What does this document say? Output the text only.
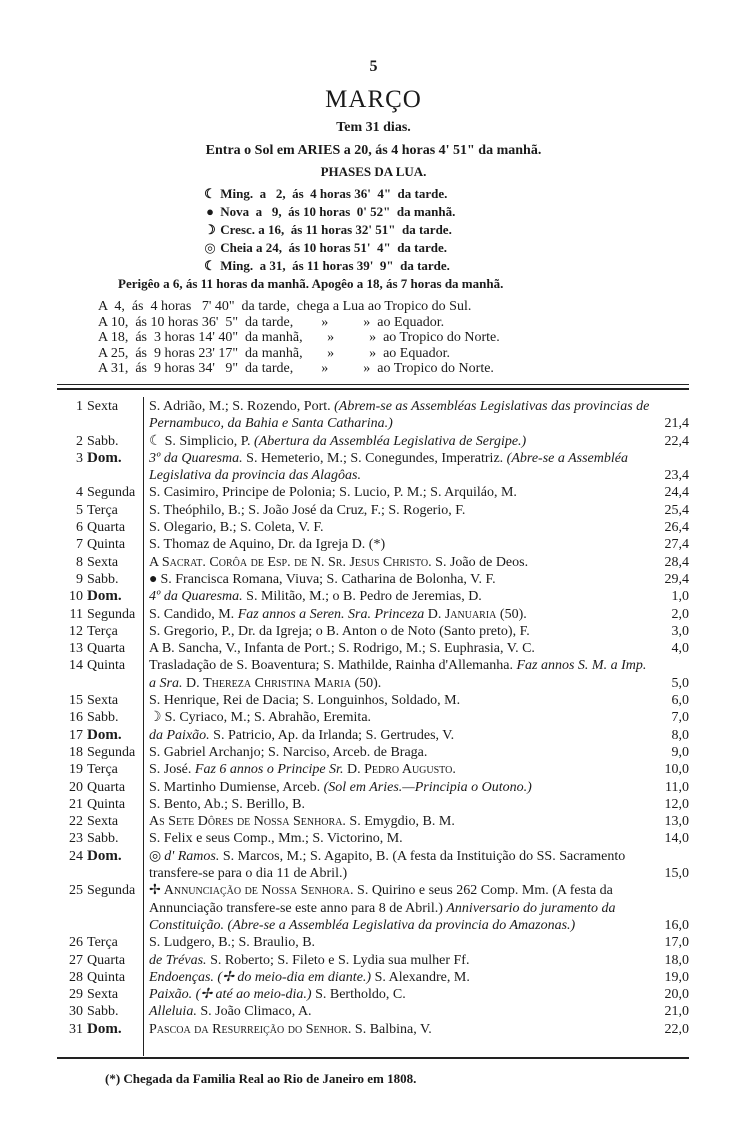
5
MARÇO
Tem 31 dias.
Entra o Sol em ARIES a 20, ás 4 horas 4' 51" da manhã.
PHASES DA LUA.
☾ Ming.  a   2,  ás  4 horas 36'  4"  da tarde.
● Nova  a   9,  ás 10 horas  0' 52"  da manhã.
☽ Cresc. a 16,  ás 11 horas 32' 51"  da tarde.
◎ Cheia a 24,  ás 10 horas 51'  4"  da tarde.
☾ Ming.  a 31,  ás 11 horas 39'  9"  da tarde.
Perigêo a 6, ás 11 horas da manhã. Apogêo a 18, ás 7 horas da manhã.
A  4,  ás  4 horas   7' 40"  da tarde,  chega a Lua ao Tropico do Sul.
A 10,  ás 10 horas 36'  5"  da tarde,        »          »  ao Equador.
A 18,  ás  3 horas 14' 40"  da manhã,       »          »  ao Tropico do Norte.
A 25,  ás  9 horas 23' 17"  da manhã,       »          »  ao Equador.
A 31,  ás  9 horas 34'   9"  da tarde,        »          »  ao Tropico do Norte.
1 Sexta	S. Adrião, M.; S. Rozendo, Port. (Abrem-se as Assembléas Legislativas das provincias de Pernambuco, da Bahia e Santa Catharina.)	21,4
2 Sabb.	☾ S. Simplicio, P. (Abertura da Assembléa Legislativa de Sergipe.)	22,4
3 Dom.	3º da Quaresma. S. Hemeterio, M.; S. Conegundes, Imperatriz. (Abre-se a Assembléa Legislativa da provincia das Alagôas.	23,4
4 Segunda	S. Casimiro, Principe de Polonia; S. Lucio, P. M.; S. Arquiláo, M.	24,4
5 Terça	S. Theóphilo, B.; S. João José da Cruz, F.; S. Rogerio, F.	25,4
6 Quarta	S. Olegario, B.; S. Coleta, V. F.	26,4
7 Quinta	S. Thomaz de Aquino, Dr. da Igreja D. (*)	27,4
8 Sexta	A Sacrat. Corôa de Esp. de N. Sr. Jesus Christo. S. João de Deos.	28,4
9 Sabb.	● S. Francisca Romana, Viuva; S. Catharina de Bolonha, V. F.	29,4
10 Dom.	4º da Quaresma. S. Militão, M.; o B. Pedro de Jeremias, D.	1,0
11 Segunda	S. Candido, M. Faz annos a Seren. Sra. Princeza D. Januaria (50).	2,0
12 Terça	S. Gregorio, P., Dr. da Igreja; o B. Anton o de Noto (Santo preto), F.	3,0
13 Quarta	A B. Sancha, V., Infanta de Port.; S. Rodrigo, M.; S. Euphrasia, V. C.	4,0
14 Quinta	Trasladação de S. Boaventura; S. Mathilde, Rainha d'Allemanha. Faz annos S. M. a Imp. a Sra. D. Thereza Christina Maria (50).	5,0
15 Sexta	S. Henrique, Rei de Dacia; S. Longuinhos, Soldado, M.	6,0
16 Sabb.	☽ S. Cyriaco, M.; S. Abrahão, Eremita.	7,0
17 Dom.	da Paixão. S. Patricio, Ap. da Irlanda; S. Gertrudes, V.	8,0
18 Segunda	S. Gabriel Archanjo; S. Narciso, Arceb. de Braga.	9,0
19 Terça	S. José. Faz 6 annos o Principe Sr. D. Pedro Augusto.	10,0
20 Quarta	S. Martinho Dumiense, Arceb. (Sol em Aries.—Principia o Outono.)	11,0
21 Quinta	S. Bento, Ab.; S. Berillo, B.	12,0
22 Sexta	As Sete Dôres de Nossa Senhora. S. Emygdio, B. M.	13,0
23 Sabb.	S. Felix e seus Comp., Mm.; S. Victorino, M.	14,0
24 Dom.	◎ d' Ramos. S. Marcos, M.; S. Agapito, B. (A festa da Instituição do SS. Sacramento transfere-se para o dia 11 de Abril.)	15,0
25 Segunda	✢ Annunciação de Nossa Senhora. S. Quirino e seus 262 Comp. Mm. (A festa da Annunciação transfere-se este anno para 8 de Abril.) Anniversario do juramento da Constituição. (Abre-se a Assembléa Legislativa da provincia do Amazonas.)	16,0
26 Terça	S. Ludgero, B.; S. Braulio, B.	17,0
27 Quarta	de Trévas. S. Roberto; S. Fileto e S. Lydia sua mulher Ff.	18,0
28 Quinta	Endoenças. (✢ do meio-dia em diante.) S. Alexandre, M.	19,0
29 Sexta	Paixão. (✢ até ao meio-dia.) S. Bertholdo, C.	20,0
30 Sabb.	Alleluia. S. João Climaco, A.	21,0
31 Dom.	Pascoa da Resurreição do Senhor. S. Balbina, V.	22,0
(*) Chegada da Familia Real ao Rio de Janeiro em 1808.
